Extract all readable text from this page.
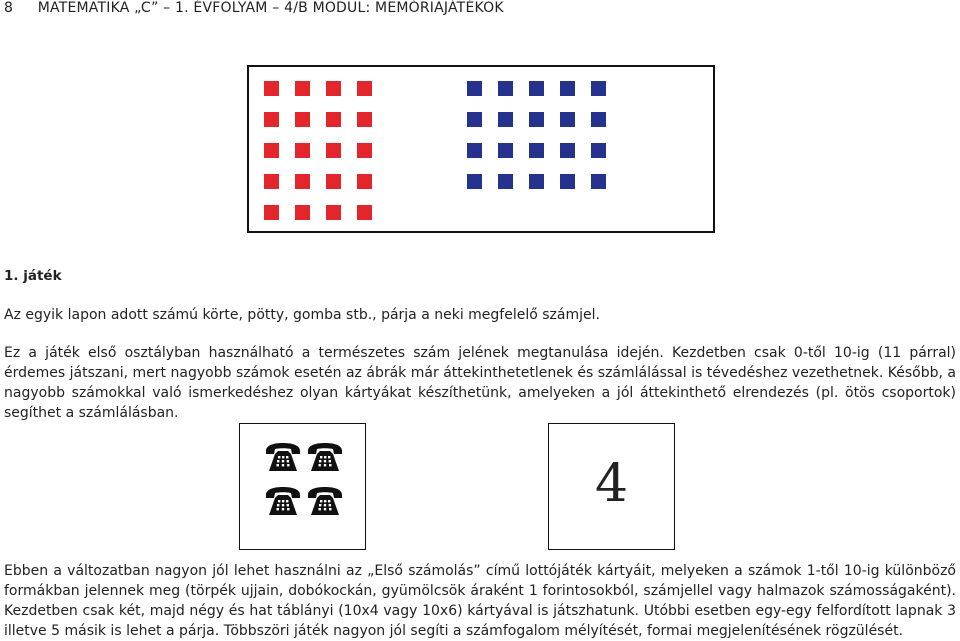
8 MATEMATIKA „C” – 1. ÉVFOLYAM – 4/B MODUL: MEMÓRIAJÁTÉKOK
1. játék

Az egyik lapon adott számú körte, pötty, gomba stb., párja a neki megfelelő számjel.

Ez a játék első osztályban használható a természetes szám jelének megtanulása idején. Kezdetben csak 0-től 10-ig (11 párral) érdemes játszani, mert nagyobb számok esetén az ábrák már áttekinthetetlenek és számlálással is tévedéshez vezethetnek. Később, a nagyobb számokkal való ismerkedéshez olyan kártyákat készíthetünk, amelyeken a jól áttekinthető elrendezés (pl. ötös csoportok) segíthet a számlálásban.

4

Ebben a változatban nagyon jól lehet használni az „Első számolás” című lottójáték kártyáit, melyeken a számok 1-től 10-ig különböző formákban jelennek meg (törpék ujjain, dobókockán, gyümölcsök áraként 1 forintosokból, számjellel vagy halmazok számosságaként). Kezdetben csak két, majd négy és hat táblányi (10x4 vagy 10x6) kártyával is játszhatunk. Utóbbi esetben egy-egy felfordított lapnak 3 illetve 5 másik is lehet a párja. Többszöri játék nagyon jól segíti a számfogalom mélyítését, formai megjelenítésének rögzülését.
